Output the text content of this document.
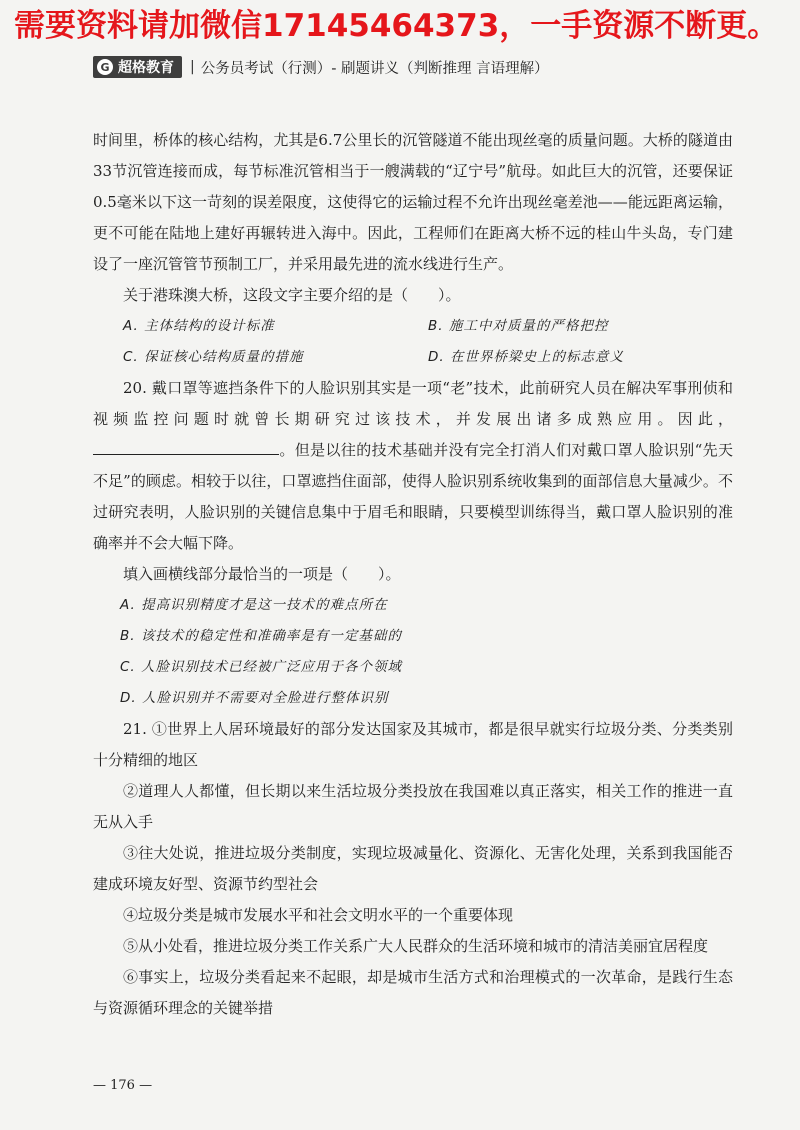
需要资料请加微信17145464373，一手资源不断更。
G 超格教育 | 公务员考试（行测）- 刷题讲义（判断推理 言语理解）

时间里，桥体的核心结构，尤其是6.7公里长的沉管隧道不能出现丝毫的质量问题。大桥的隧道由33节沉管连接而成，每节标准沉管相当于一艘满载的“辽宁号”航母。如此巨大的沉管，还要保证0.5毫米以下这一苛刻的误差限度，这使得它的运输过程不允许出现丝毫差池——能远距离运输，更不可能在陆地上建好再辗转进入海中。因此，工程师们在距离大桥不远的桂山牛头岛，专门建设了一座沉管管节预制工厂，并采用最先进的流水线进行生产。

关于港珠澳大桥，这段文字主要介绍的是（　　）。

A. 主体结构的设计标准	B. 施工中对质量的严格把控
C. 保证核心结构质量的措施	D. 在世界桥梁史上的标志意义

20. 戴口罩等遮挡条件下的人脸识别其实是一项“老”技术，此前研究人员在解决军事刑侦和视频监控问题时就曾长期研究过该技术，并发展出诸多成熟应用。因此，。但是以往的技术基础并没有完全打消人们对戴口罩人脸识别“先天不足”的顾虑。相较于以往，口罩遮挡住面部，使得人脸识别系统收集到的面部信息大量减少。不过研究表明，人脸识别的关键信息集中于眉毛和眼睛，只要模型训练得当，戴口罩人脸识别的准确率并不会大幅下降。

填入画横线部分最恰当的一项是（　　）。

A. 提高识别精度才是这一技术的难点所在
B. 该技术的稳定性和准确率是有一定基础的
C. 人脸识别技术已经被广泛应用于各个领域
D. 人脸识别并不需要对全脸进行整体识别

21. ①世界上人居环境最好的部分发达国家及其城市，都是很早就实行垃圾分类、分类类别十分精细的地区

②道理人人都懂，但长期以来生活垃圾分类投放在我国难以真正落实，相关工作的推进一直无从入手

③往大处说，推进垃圾分类制度，实现垃圾减量化、资源化、无害化处理，关系到我国能否建成环境友好型、资源节约型社会

④垃圾分类是城市发展水平和社会文明水平的一个重要体现

⑤从小处看，推进垃圾分类工作关系广大人民群众的生活环境和城市的清洁美丽宜居程度

⑥事实上，垃圾分类看起来不起眼，却是城市生活方式和治理模式的一次革命，是践行生态与资源循环理念的关键举措

— 176 —
